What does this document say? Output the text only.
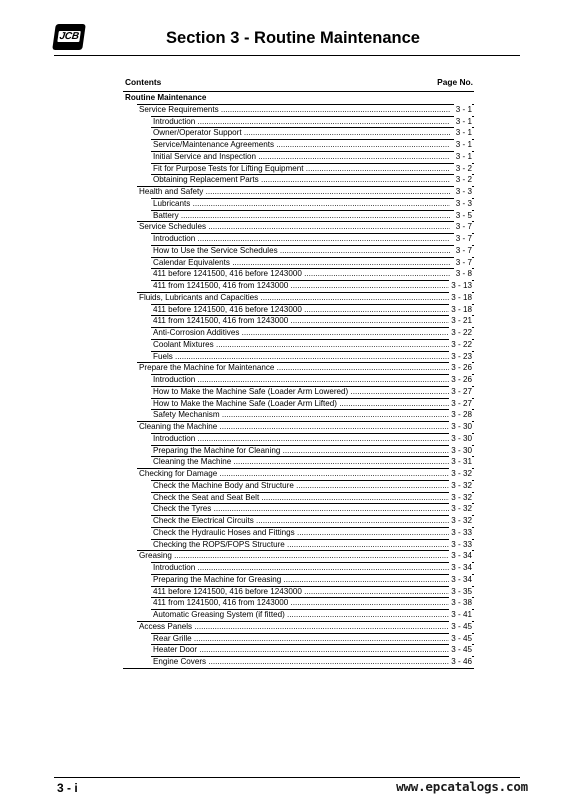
JCB	Section 3 - Routine Maintenance
Contents	Page No.
Routine Maintenance
Service Requirements .....	3 - 1
Introduction .....	3 - 1
Owner/Operator Support .....	3 - 1
Service/Maintenance Agreements .....	3 - 1
Initial Service and Inspection .....	3 - 1
Fit for Purpose Tests for Lifting Equipment .....	3 - 2
Obtaining Replacement Parts .....	3 - 2
Health and Safety .....	3 - 3
Lubricants .....	3 - 3
Battery .....	3 - 5
Service Schedules .....	3 - 7
Introduction .....	3 - 7
How to Use the Service Schedules .....	3 - 7
Calendar Equivalents .....	3 - 7
411 before 1241500, 416 before 1243000 .....	3 - 8
411 from 1241500, 416 from 1243000 .....	3 - 13
Fluids, Lubricants and Capacities .....	3 - 18
411 before 1241500, 416 before 1243000 .....	3 - 18
411 from 1241500, 416 from 1243000 .....	3 - 21
Anti-Corrosion Additives .....	3 - 22
Coolant Mixtures .....	3 - 22
Fuels .....	3 - 23
Prepare the Machine for Maintenance .....	3 - 26
Introduction .....	3 - 26
How to Make the Machine Safe (Loader Arm Lowered) .....	3 - 27
How to Make the Machine Safe (Loader Arm Lifted) .....	3 - 27
Safety Mechanism .....	3 - 28
Cleaning the Machine .....	3 - 30
Introduction .....	3 - 30
Preparing the Machine for Cleaning .....	3 - 30
Cleaning the Machine .....	3 - 31
Checking for Damage .....	3 - 32
Check the Machine Body and Structure .....	3 - 32
Check the Seat and Seat Belt .....	3 - 32
Check the Tyres .....	3 - 32
Check the Electrical Circuits .....	3 - 32
Check the Hydraulic Hoses and Fittings .....	3 - 33
Checking the ROPS/FOPS Structure .....	3 - 33
Greasing .....	3 - 34
Introduction .....	3 - 34
Preparing the Machine for Greasing .....	3 - 34
411 before 1241500, 416 before 1243000 .....	3 - 35
411 from 1241500, 416 from 1243000 .....	3 - 38
Automatic Greasing System (if fitted) .....	3 - 41
Access Panels .....	3 - 45
Rear Grille .....	3 - 45
Heater Door .....	3 - 45
Engine Covers .....	3 - 46
3 - i	www.epcatalogs.com
